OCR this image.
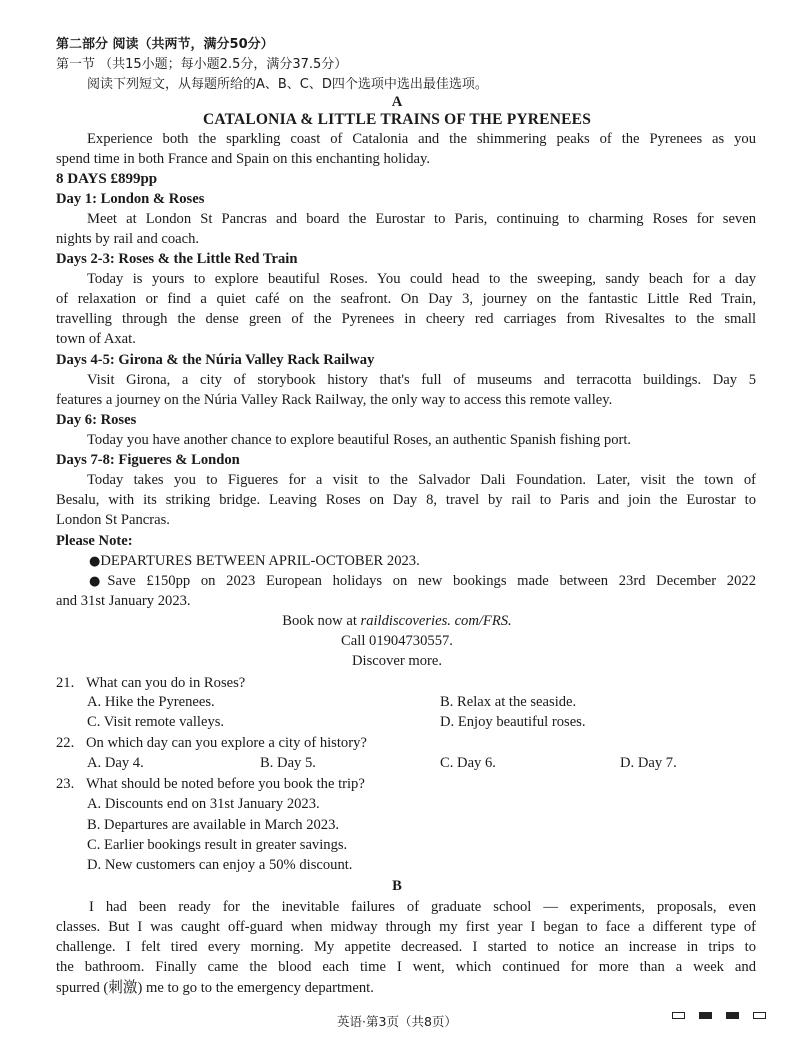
第二部分 阅读（共两节，满分50分）
第一节 （共15小题；每小题2.5分，满分37.5分）
阅读下列短文，从每题所给的A、B、C、D四个选项中选出最佳选项。
A
CATALONIA & LITTLE TRAINS OF THE PYRENEES
Experience both the sparkling coast of Catalonia and the shimmering peaks of the Pyrenees as you
spend time in both France and Spain on this enchanting holiday.
8 DAYS £899pp
Day 1: London & Roses
Meet at London St Pancras and board the Eurostar to Paris, continuing to charming Roses for seven
nights by rail and coach.
Days 2-3: Roses & the Little Red Train
Today is yours to explore beautiful Roses. You could head to the sweeping, sandy beach for a day
of relaxation or find a quiet café on the seafront. On Day 3, journey on the fantastic Little Red Train,
travelling through the dense green of the Pyrenees in cheery red carriages from Rivesaltes to the small
town of Axat.
Days 4-5: Girona & the Núria Valley Rack Railway
Visit Girona, a city of storybook history that's full of museums and terracotta buildings. Day 5
features a journey on the Núria Valley Rack Railway, the only way to access this remote valley.
Day 6: Roses
Today you have another chance to explore beautiful Roses, an authentic Spanish fishing port.
Days 7-8: Figueres & London
Today takes you to Figueres for a visit to the Salvador Dali Foundation. Later, visit the town of
Besalu, with its striking bridge. Leaving Roses on Day 8, travel by rail to Paris and join the Eurostar to
London St Pancras.
Please Note:
●DEPARTURES BETWEEN APRIL-OCTOBER 2023.
●Save £150pp on 2023 European holidays on new bookings made between 23rd December 2022
and 31st January 2023.
Book now at raildiscoveries. com/FRS.
Call 01904730557.
Discover more.
21. What can you do in Roses?
A. Hike the Pyrenees.	B. Relax at the seaside.
C. Visit remote valleys.	D. Enjoy beautiful roses.
22. On which day can you explore a city of history?
A. Day 4.	B. Day 5.	C. Day 6.	D. Day 7.
23. What should be noted before you book the trip?
A. Discounts end on 31st January 2023.
B. Departures are available in March 2023.
C. Earlier bookings result in greater savings.
D. New customers can enjoy a 50% discount.
B
I had been ready for the inevitable failures of graduate school — experiments, proposals, even
classes. But I was caught off-guard when midway through my first year I began to face a different type of
challenge. I felt tired every morning. My appetite decreased. I started to notice an increase in trips to
the bathroom. Finally came the blood each time I went, which continued for more than a week and
spurred (刺激) me to go to the emergency department.
英语·第3页（共8页）
